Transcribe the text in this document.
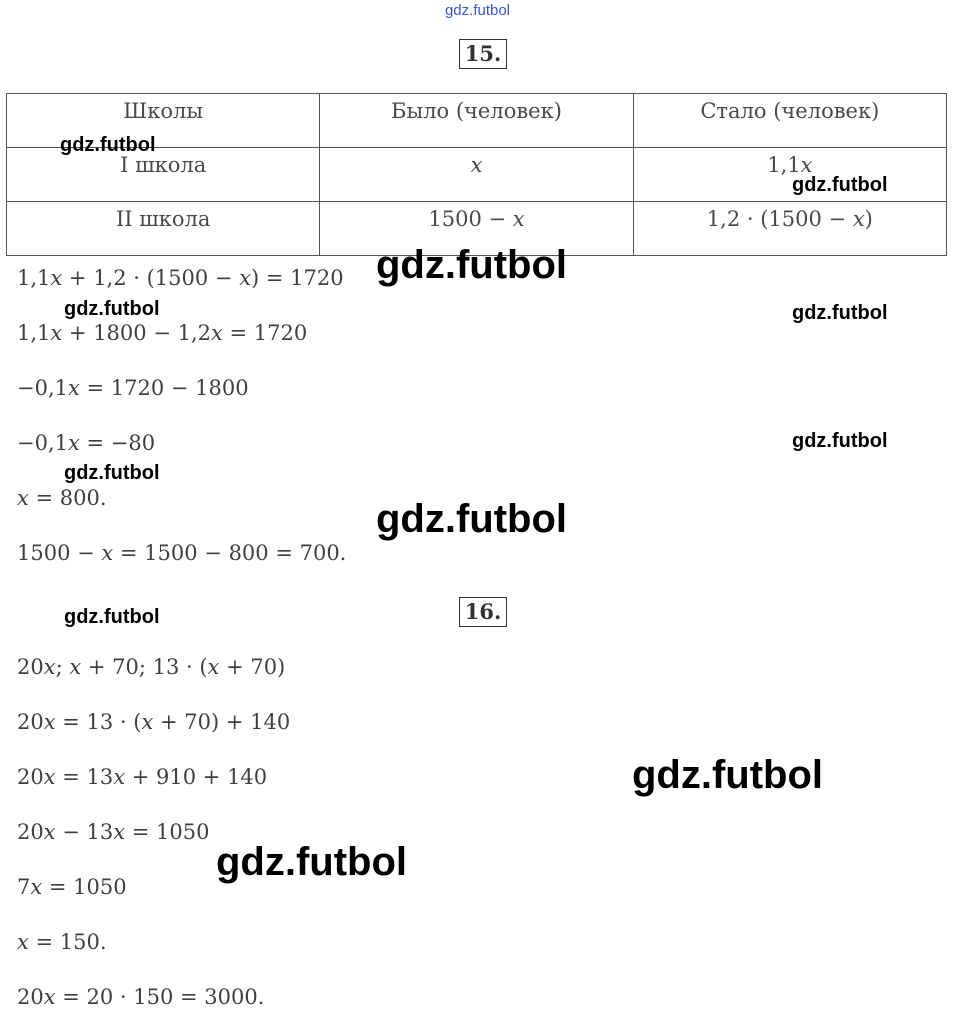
gdz.futbol
15.
Школы	Было (человек)	Стало (человек)
I школа	x	1,1x
II школа	1500 − x	1,2 · (1500 − x)
1,1x + 1,2 · (1500 − x) = 1720
1,1x + 1800 − 1,2x = 1720
−0,1x = 1720 − 1800
−0,1x = −80
x = 800.
1500 − x = 1500 − 800 = 700.
16.
20x; x + 70; 13 · (x + 70)
20x = 13 · (x + 70) + 140
20x = 13x + 910 + 140
20x − 13x = 1050
7x = 1050
x = 150.
20x = 20 · 150 = 3000.
gdz.futbol
gdz.futbol
gdz.futbol
gdz.futbol	gdz.futbol
gdz.futbol
gdz.futbol
gdz.futbol
gdz.futbol
gdz.futbol
gdz.futbol
